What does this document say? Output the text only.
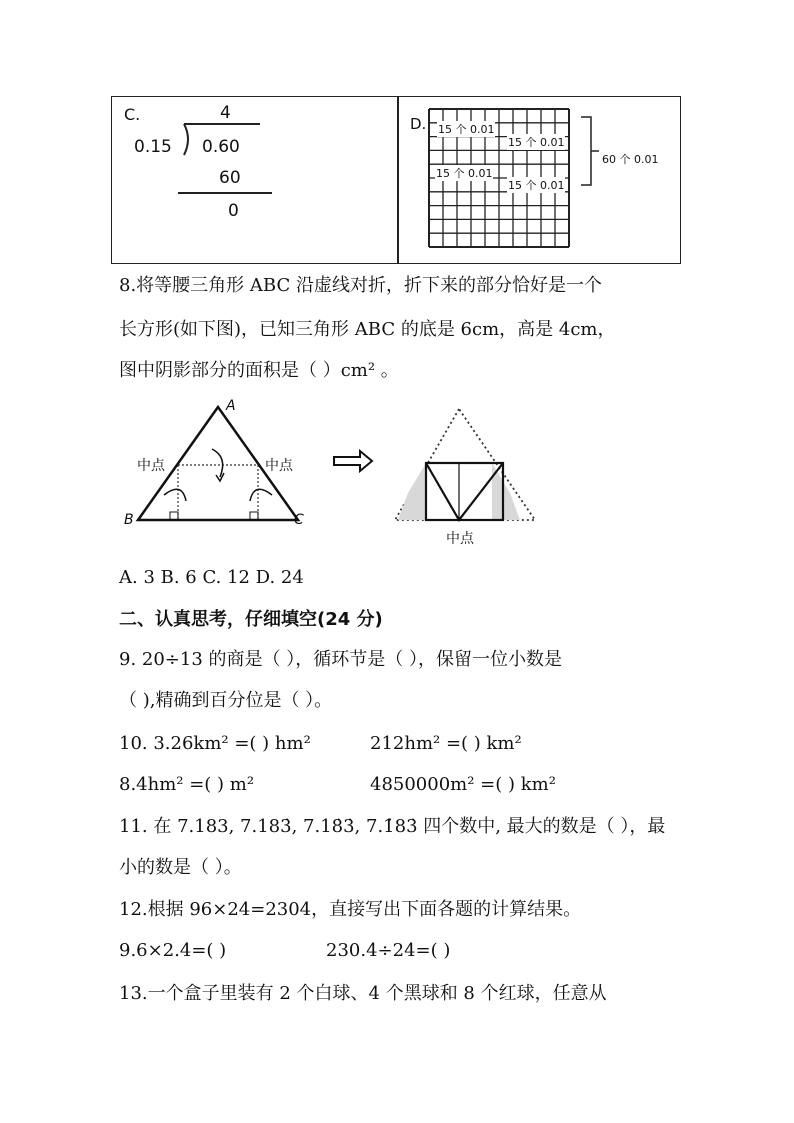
C.	4
0.15 0.60
60
0
D. 15 个 0.01
15 个 0.01
15 个 0.01
15 个 0.01
60 个 0.01
8.将等腰三角形 ABC 沿虚线对折，折下来的部分恰好是一个
长方形(如下图)，已知三角形 ABC 的底是 6cm，高是 4cm，
图中阴影部分的面积是（ ）cm² 。
A
B	C
中点	中点
中点
A. 3 B. 6 C. 12 D. 24
二、认真思考，仔细填空(24 分)
9. 20÷13 的商是（ ），循环节是（ ），保留一位小数是
（ ),精确到百分位是（ ）。
10. 3.26km² =( ) hm²	212hm² =( ) km²
8.4hm² =( ) m²	4850000m² =( ) km²
11. 在 7.183, 7.183̇, 7.18̇3̇, 7.1̇83̇ 四个数中, 最大的数是（ ），最
小的数是（ ）。
12.根据 96×24=2304，直接写出下面各题的计算结果。
9.6×2.4=( )	230.4÷24=( )
13.一个盒子里装有 2 个白球、4 个黑球和 8 个红球，任意从
